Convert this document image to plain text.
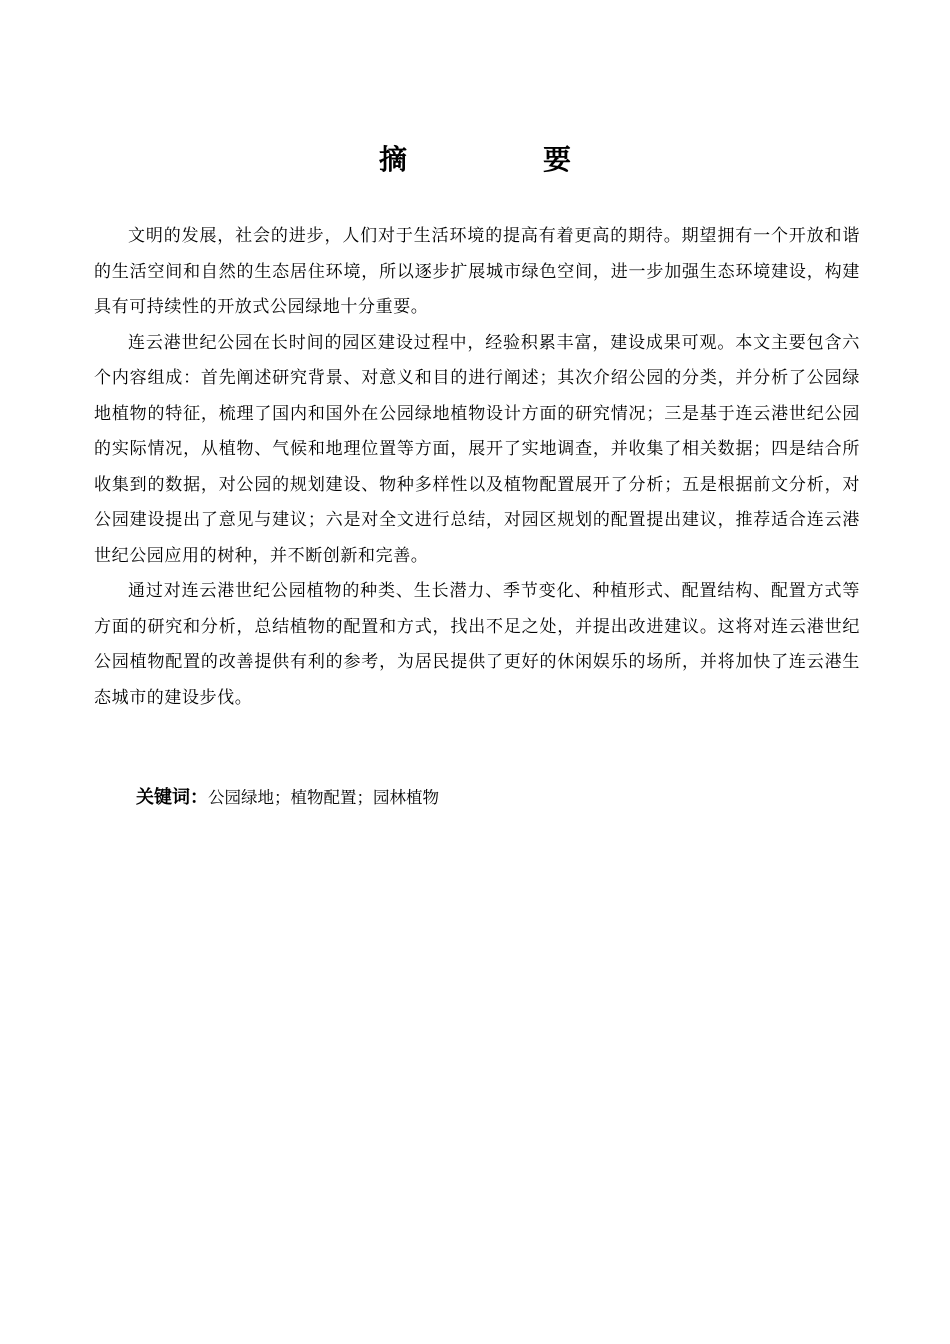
摘　要

文明的发展，社会的进步，人们对于生活环境的提高有着更高的期待。期望拥有一个开放和谐的生活空间和自然的生态居住环境，所以逐步扩展城市绿色空间，进一步加强生态环境建设，构建具有可持续性的开放式公园绿地十分重要。

连云港世纪公园在长时间的园区建设过程中，经验积累丰富，建设成果可观。本文主要包含六个内容组成：首先阐述研究背景、对意义和目的进行阐述；其次介绍公园的分类，并分析了公园绿地植物的特征，梳理了国内和国外在公园绿地植物设计方面的研究情况；三是基于连云港世纪公园的实际情况，从植物、气候和地理位置等方面，展开了实地调查，并收集了相关数据；四是结合所收集到的数据，对公园的规划建设、物种多样性以及植物配置展开了分析；五是根据前文分析，对公园建设提出了意见与建议；六是对全文进行总结，对园区规划的配置提出建议，推荐适合连云港世纪公园应用的树种，并不断创新和完善。

通过对连云港世纪公园植物的种类、生长潜力、季节变化、种植形式、配置结构、配置方式等方面的研究和分析，总结植物的配置和方式，找出不足之处，并提出改进建议。这将对连云港世纪公园植物配置的改善提供有利的参考，为居民提供了更好的休闲娱乐的场所，并将加快了连云港生态城市的建设步伐。

关键词：公园绿地；植物配置；园林植物
